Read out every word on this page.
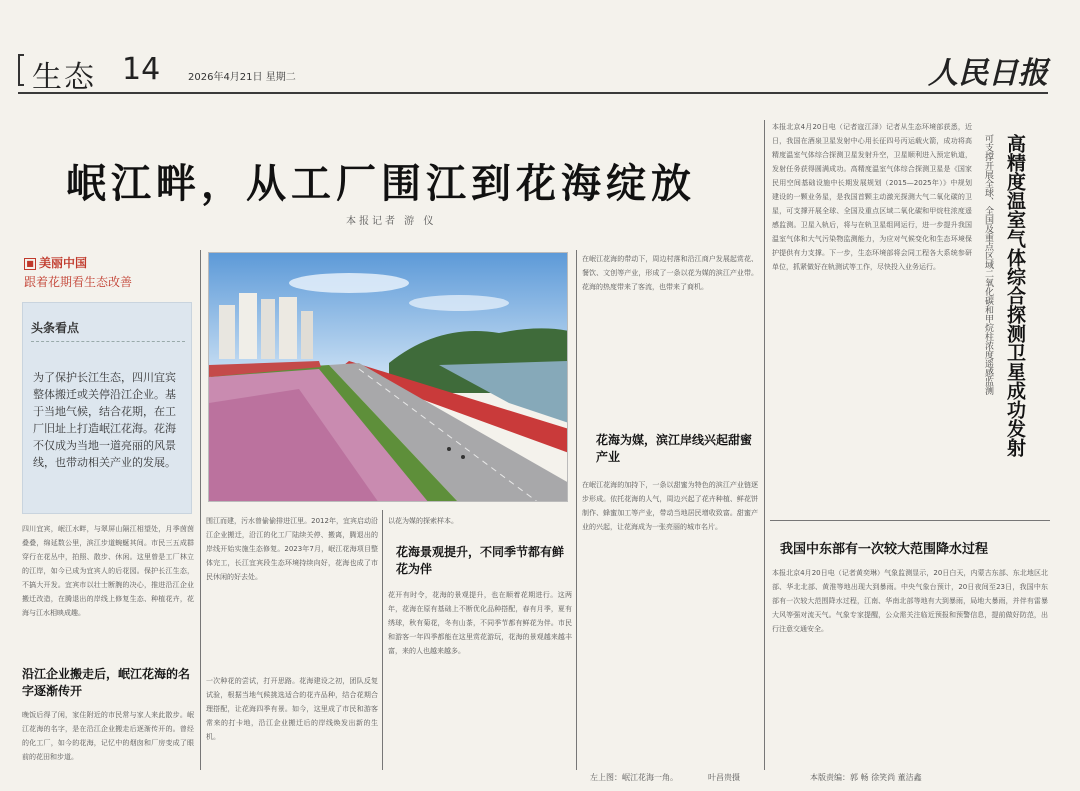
生态 14	2026年4月21日 星期二	人民日报
岷江畔，从工厂围江到花海绽放
本报记者 游 仪
■ 美丽中国
跟着花期看生态改善
头条看点
为了保护长江生态，四川宜宾整体搬迁或关停沿江企业。基于当地气候，结合花期，在工厂旧址上打造岷江花海。花海不仅成为当地一道亮丽的风景线，也带动相关产业的发展。
四川宜宾，岷江水畔，与翠屏山隔江相望处，月季茵茵叠叠，绵延数公里，滨江步道蜿蜒其间。市民三五成群穿行在花丛中，拍照、散步、休闲。这里曾是工厂林立的江岸，如今已成为宜宾人的后花园。保护长江生态，不搞大开发。宜宾市以壮士断腕的决心，推进沿江企业搬迁改造，在腾退出的岸线上修复生态、种植花卉，花海与江水相映成趣。
沿江企业搬走后，岷江花海的名字逐渐传开
晚饭后得了闲，家住附近的市民常与家人来此散步。岷江花海的名字，是在沿江企业搬走后逐渐传开的。曾经的化工厂，如今的花海，记忆中的烟囱和厂房变成了眼前的花田和步道。
围江而建，污水曾偷偷排进江里。2012年，宜宾启动沿江企业搬迁，沿江的化工厂陆续关停、搬离，腾退出的岸线开始实施生态修复。2023年7月，岷江花海项目整体完工，长江宜宾段生态环境持续向好，花海也成了市民休闲的好去处。
一次种花的尝试，打开思路。花海建设之初，团队反复试验，根据当地气候挑选适合的花卉品种，结合花期合理搭配，让花海四季有景。如今，这里成了市民和游客常来的打卡地，沿江企业搬迁后的岸线焕发出新的生机。
以花为媒的探索样本。
花海景观提升，不同季节都有鲜花为伴
花开有时令，花海的景观提升，也在顺着花期进行。这两年，花海在原有基础上不断优化品种搭配，春有月季，夏有绣球，秋有菊花，冬有山茶，不同季节都有鲜花为伴。市民和游客一年四季都能在这里赏花游玩，花海的景观越来越丰富，来的人也越来越多。
在岷江花海的带动下，周边村落和沿江商户发展起赏花、餐饮、文创等产业，形成了一条以花为媒的滨江产业带。花海的热度带来了客流，也带来了商机。
花海为媒，滨江岸线兴起甜蜜产业
在岷江花海的加持下，一条以甜蜜为特色的滨江产业链逐步形成。依托花海的人气，周边兴起了花卉种植、鲜花饼制作、蜂蜜加工等产业，带动当地居民增收致富。甜蜜产业的兴起，让花海成为一张亮丽的城市名片。
左上图：岷江花海一角。	叶昌贵摄
高精度温室气体综合探测卫星成功发射
可支撑开展全球、全国及重点区域二氧化碳和甲烷柱浓度遥感监测
本报北京4月20日电（记者寇江泽）记者从生态环境部获悉，近日，我国在酒泉卫星发射中心用长征四号丙运载火箭，成功将高精度温室气体综合探测卫星发射升空，卫星顺利进入预定轨道，发射任务获得圆满成功。高精度温室气体综合探测卫星是《国家民用空间基础设施中长期发展规划（2015—2025年）》中规划建设的一颗业务星，是我国首颗主动激光探测大气二氧化碳的卫星，可支撑开展全球、全国及重点区域二氧化碳和甲烷柱浓度遥感监测。卫星入轨后，将与在轨卫星组网运行，进一步提升我国温室气体和大气污染物监测能力，为应对气候变化和生态环境保护提供有力支撑。下一步，生态环境部将会同工程各大系统参研单位，抓紧做好在轨测试等工作，尽快投入业务运行。
我国中东部有一次较大范围降水过程
本报北京4月20日电（记者黄奕琳）气象监测显示，20日白天，内蒙古东部、东北地区北部、华北北部、黄淮等地出现大到暴雨。中央气象台预计，20日夜间至23日，我国中东部有一次较大范围降水过程，江南、华南北部等地有大到暴雨，局地大暴雨，并伴有雷暴大风等强对流天气。气象专家提醒，公众需关注临近预报和预警信息，提前做好防范，出行注意交通安全。
本版责编：郭 畅 徐笑尚 董洁鑫
